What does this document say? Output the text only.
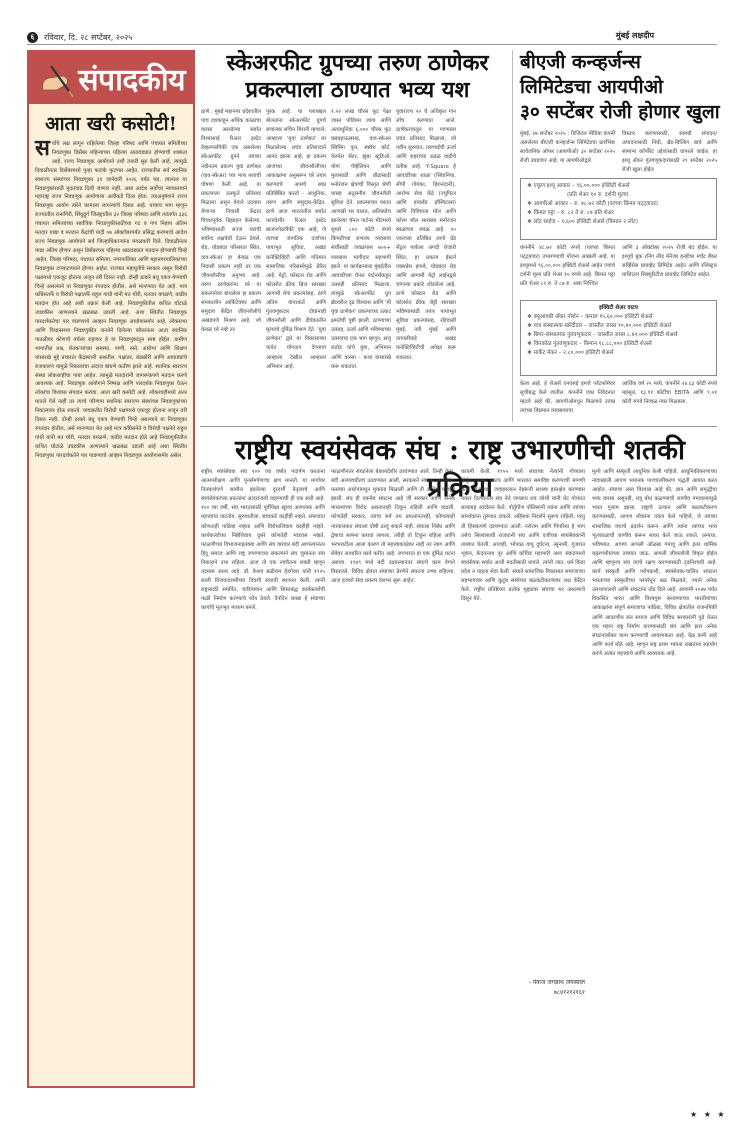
६	रविवार, दि. २८ सप्टेंबर, २०२५	मुंबई लक्षदीप
संपादकीय
आता खरी कसोटी!
सर्वाचे लक्ष लागून राहिलेल्या जिल्हा परिषद आणि पंचायत समितीच्या निवडणुका डिसेंबर महिन्याच्या पहिल्या आठवड्यात होण्याची शक्यता आहे. राज्य निवडणूक आयोगाने तशी तयारी सुरु केली आहे. त्यामुळे दिवाळीनंतर डिसेंबरमध्ये पुन्हा फटाके फुटणार आहेत. राज्यातील सर्व स्थानिक स्वराज्य संस्थांच्या निवडणुका ३१ जानेवारी २०२६ पर्यंत घ्या, त्यानंतर या निवडणुकांसाठी मुदतवाढ दिली जाणार नाही, असा आदेश सर्वोच्च न्यायालयाने महाराष्ट्र राज्य निवडणूक आयोगाला अलीकडे दिला होता. त्याअनुषंगाने राज्य निवडणूक आयोग त्वरेने कामाला लागल्याचे दिसत आहे. याचाच भाग म्हणून राज्यातील रत्नागिरी, सिंधुदुर्ग जिल्ह्यातील ३२ जिल्हा परिषदा आणि त्यांतर्गत ३३६ पंचायत समित्यांच्या सार्वत्रिक निवडणुकीसाठीच्या गट व गण निहाय अंतिम मतदार याद्या व मतदान केंद्रांची यादी ०७ ऑक्टोबरपर्यंत प्रसिद्ध करण्याचे आदेश राज्य निवडणूक आयोगाने सर्व जिल्हाधिकाऱ्यांना मंगळवारी दिले. दिवाळीनंतर याद्या अंतिम होणार असून डिसेंबरच्या पहिल्या आठवड्यात मतदान होण्याची चिन्हे आहेत. जिल्हा परिषदा, पंचायत समित्या, नगरपालिका आणि महानगरपालिकांच्या निवडणुका टप्प्याटप्प्याने होणार आहेत. राज्यात महायुतीचे सरकार असून विरोधी पक्षांमध्ये एकजूट होताना अजून तरी दिसत नाही. दोन्ही ठाकरे बंधू एकत्र येण्याची चिन्हे असल्याने या निवडणुका रंगतदार होतील, असे मानण्यात येत आहे. मात्र काँग्रेसतर्फे व विरोधी पक्षातर्फे राहुल गांधी यांनी मत चोरी, मतदार वगळणे, वाढीव मतदान होत आहे अशी तक्रार केली आहे. निवडणुकीतील कथित घोटाळे उघडकीस आणल्याने खळबळ उडाली आहे. अशा स्थितीत निवडणूक पारदर्शकतेचा पार पाडण्याचे आव्हान निवडणूक आयोगासमोर आहे. लोकसभा आणि विधानसभा निवडणुकीत जनतेने दिलेल्या कौलानंतर आता स्थानिक पातळीवर कोणाचे वर्चस्व राहणार हे या निवडणुकांतून स्पष्ट होईल. ग्रामीण भागातील प्रश्न, शेतकऱ्यांच्या समस्या, पाणी, रस्ते, आरोग्य आणि शिक्षण यांसारखे मुद्दे प्रचारात केंद्रस्थानी असतील. पक्षांतर, बंडखोरी आणि आघाड्यांचे राजकारण यामुळे निकालाचा अंदाज बांधणे कठीण झाले आहे. स्थानिक स्वराज्य संस्था लोकशाहीचा पाया आहेत. त्यामुळे मतदारांनी जागरूकपणे मतदान करणे आवश्यक आहे. निवडणूक आयोगाने निष्पक्ष आणि पारदर्शक निवडणुका घेऊन लोकांचा विश्वास संपादन करावा. आता खरी कसोटी आहे. लोकशाहीमध्ये अंतर घातले गेले नाही तर त्याचे परिणाम स्थानिक स्वराज्य संस्थांच्या निवडणुकांच्या निकालावर होऊ शकतो. यावाबतीत विरोधी पक्षांमध्ये एकजूट होताना अजून तरी दिसत नाही. दोन्ही ठाकरे बंधू एकत्र येण्याची चिन्हे असल्याने या निवडणुका रंगतदार होतील, असे मानण्यात येत आहे मात्र काँग्रेसनेते व विरोधी पक्षनेते राहुल गांधी यांनी मत चोरी, मतदार वगळणे, वाढीव मतदान होते आहे निवडणुकीतील कथित घोटाळे उघडकीस आणल्याने खळबळ उडाली आहे अशा स्थितीत निवडणुका पारदर्शकतेने पार पाडण्याचे आव्हान निवडणूक आयोगासमोर असेल.
स्केअरफीट ग्रुपच्या तरुण ठाणेकर प्रकल्पाला ठाण्यात भव्य यश
ठाणे : मुंबई महानगर प्रदेशातील पाच दशकांहून अधिक काळाचा वारसा असलेल्या सर्वात विश्वासार्ह रिअल इस्टेट डेव्हलपर्सपैकी एक असलेल्या स्केअरफीट ग्रुपने त्यांच्या नवीनतम प्रकल्प युवा ठाणेकर (वाव-स्केअर) च्या भव्य यशाची घोषणा केली आहे. या प्रकल्पाला उत्स्फूर्त प्रतिसाद मिळाला असून वेगाने उदयास येणाऱ्या निवासी केंद्रात विचारपूर्वक डिझाइन केलेल्या, भविष्यासाठी सज्ज घरांची सर्वांना लक्षवेधी देऊन ठेवले. रोड, घोडबंदर परिसरात स्थित, वाव-स्केअर हा केवळ एक निवासी प्रकल्प नाही तर एक जीवनशैलीचा अनुभव आहे. तरुण ठाणेकरांना घरे या संकल्पनेवर बांधलेला हा प्रकल्प समकालीन आर्किटेक्चर आणि समुदाय केंद्रित जीवनशैलीचे अखंडपणे मिश्रण आहे. जो केवळ घरे नव्हे तर
पूरक आहे. या यशाबद्दल बोलताना स्केअरफीट ग्रुपचे संचालक सचिन मिरानी म्हणाले: आम्हाला 'युवा ठाणेकर' ला मिळालेल्या प्रचंड प्रतिसादाने आनंद झाला आहे. हा प्रकल्प आजच्या जीवनशैलीच्या आकांक्षांना अनुसरून घरे तयार करण्याचे आमचे स्वप्न प्रतिबिंबित करतो - आधुनिक, तरुण आणि समुदाय-केंद्रित. ठाणे आज भारतातील सर्वात फायदेशीर रिअल इस्टेट बाजारपेठांपैकी एक आहे, जे त्याच्या जागतिक दर्जाच्या पायाभूत सुविधा, अखंड कनेक्टिव्हिटी आणि गतिमान सामाजिक परिसंस्थेमुळे प्रेरित आहे. मेट्रो, कोस्टल रोड आणि कोलशेत क्रीक ब्रिज सारख्या आगामी मेगा प्रकल्पांसह, ठाणे अंतिम वापरकर्ते आणि गुंतवणूकदार दोघांनाही जीवनशैली आणि दीर्घकालीन मूल्याचे दुर्मिळ मिश्रण देते. 'युवा ठाणेकर' द्वारे या विकासाच्या कथेत योगदान देण्याचा आम्हाला देखील आम्हाला अभिमान आहे.
१.२२ लाख चौरस फूट पेक्षा जास्त पोडियम जागा आणि अत्याधुनिक ६,००० चौरस फूट क्लबहाऊससह, वाव-स्केअर स्विमिंग पूल, स्क्वॅश कोर्ट, वेलनेस सेंटर, झुंबा स्टुडिओ, योगा पॅव्हेलियन आणि मुलांसाठी आणि प्रौढांसाठी मनोरंजन क्षेत्रांची विस्तृत श्रेणी यासह अतुलनीय जीवनशैली सुविधा देते. प्रकल्पाच्या यशात आणखी भर घालत, अलिकडेच झालेल्या चॅनल पार्टनर मीटमध्ये सुमारे ८०० कोटी रुपये किंमतीच्या संभाव्य व्यवसाय संधींसाठी जवळपास ७००+ व्यवसाय भागीदार सहभागी झाले. या कार्यक्रमाला मुंबईतील आघाडीच्या चॅनल पार्टनर्सकडून उत्साही प्रतिसाद मिळाला, त्यामुळे स्केअरफीट ग्रुप ब्रँडवरील दृढ विश्वास आणि 'मी युवा ठाणेकर' प्रकल्पाच्या उत्कट क्षमतेची पुष्टी झाली. ठाण्याच्या उत्साह, ऊर्जा आणि भविष्याच्या उत्सवाचा एक भाग म्हणून, संजू राठोड यांचे युवा, अभिमान आणि वारसा - कथा यासारखे करू शकतात.
युवाराज्य २० चे अधिकृत गान लाँच करण्यात आले. ठाणेकरांकडून या गाण्याला प्रचंड प्रतिसाद मिळाला, जो नवीन सुरुवात, तरुणाईची ऊर्जा आणि शहराच्या अढळ वाढीचे प्रतीक आहे. Y-Square हे आघाडीच्या शाळा (सिंघानिया, सीपी गोयंका, हिरानंदानी), आरोग्य सेवा केंद्रे (ज्युपिटर आणि हायलँड हॉस्पिटल्स) आणि विवियाना मॉल आणि कोरम मॉल सारख्या मनोरंजन स्थळांच्या जवळ आहे. २० एकरच्या प्रतिष्ठित लागो ग्रँड सेंट्रल पार्कला अगदी शेजारी स्थित, हा प्रकल्प ईस्टर्न एक्सप्रेस हायवे, घोडबंदर रोड आणि आगामी मेट्रो लाईनद्वारे चांगल्या प्रकारे जोडलेला आहे. ठाणे कोस्टल रोड आणि कोलशेत क्रीक जेट्टी सारख्या भविष्यासाठी तयार पायाभूत सुविधा प्रकल्पांसह, रहिवासी मुंबई, नवी मुंबई आणि त्यापलीकडे अखंड कनेक्टिव्हिटीची अपेक्षा करू शकतात.
बीएजी कन्व्हर्जन्स
लिमिटेडचा आयपीओ
३० सप्टेंबर रोजी होणार खुला
मुंबई, २७ सप्टेंबर २०२५ : डिजिटल मीडिया कंपनी असलेल्या बीएजी कन्व्हर्जन्स लिमिटेडचा प्रारंभिक सार्वजनिक ऑफर (आयपीओ) ३० सप्टेंबर २०२५ रोजी उघडणार आहे. या आयपीओद्वारे
विस्तार करण्यासाठी, सामग्री संपादन/उत्पादनासाठी निधी, ब्रँड-बिल्डिंग खर्च आणि सामान्य कॉर्पोरेट उद्देशांसाठी वापरले जाईल. हा इश्यू अँकर गुंतवणूकदारांसाठी २९ सप्टेंबर २०२५ रोजी खुला होईल
❖ एकूण इश्यू आकार – ९६,००,००० इक्विटी शेअर्स
(प्रति शेअर १० रु. दर्शनी मूल्य)
❖ आयपीओ आकार – रु. ४८.७२ कोटी (वरच्या किंमत पट्ट्यावर)
❖ किंमत पट्टा – रु. ८२ ते रु. ८७ प्रति शेअर
❖ लॉट साईज – १,६०० इक्विटी शेअर्स (किमान २ लॉट)
कंपनीने ४८.७२ कोटी रुपये (वरच्या किंमत पट्ट्यावर) उभारण्याची योजना आखली आहे. या इश्यूमध्ये ९६,००,००० इक्विटी शेअर्स आहेत ज्यांचे दर्शनी मूल्य प्रति शेअर १० रुपये आहे. किंमत पट्टा प्रति शेअर ८२ रु. ते ८७ रु. असा निश्चित
आणि ३ ऑक्टोबर २०२५ रोजी बंद होईल. या इश्यूचे बुक रनिंग लीड मॅनेजर इन्व्हेंचर मर्चंट बँकर सर्व्हिसेस प्रायव्हेट लिमिटेड आहेत आणि रजिस्ट्रार माशिटला सिक्युरिटीज प्रायव्हेट लिमिटेड आहेत.
इक्विटी शेअर वाटप
❖ क्यूआयबी अँकर पोर्शन – कमाल १५,६०,००० इक्विटी शेअर्स
❖ पात्र संस्थात्मक खरेदीदार – जास्तीत जास्त १०,४०,००० इक्विटी शेअर्स
❖ बिगर-संस्थात्मक गुंतवणूकदार – जास्तीत जास्त ८,४२,००० इक्विटी शेअर्स
❖ किरकोळ गुंतवणूकदार – किमान १८,८८,००० इक्विटी शेअर्स
❖ मार्केट मेकर – २,८०,००० इक्विटी शेअर्स
केला आहे. हे शेअर्स एनएसई इमर्ज प्लॅटफॉर्मवर सूचीबद्ध केले जातील. कंपनीने एका निवेदनात म्हटले आहे की, आयपीओमधून मिळणारे उत्पन्न त्यांच्या विद्यमान व्यवसायाचा
आर्थिक वर्ष २५ मध्ये, कंपनीने २४.६३ कोटी रुपये महसूल, १३.११ कोटींचा EBITA आणि ९.०१ कोटी रुपये निव्वळ नफा मिळवला.
राष्ट्रीय स्वयंसेवक संघ : राष्ट्र उभारणीची शतकी प्रक्रिया
राष्ट्रीय स्वयंसेवक संघ १०० व्या वर्षात पदार्पण करताना आत्मपरीक्षण आणि पुनर्समर्पणाचा क्षण मानतो. या मार्गावर निःस्वार्थपणे सामील झालेल्या दूरदर्शी नेतृत्वाचे आणि स्वयंसेवकांच्या प्रयत्नांना आदरांजली वाहण्याची ही एक संधी आहे. १०० व्या वर्षी, संघ भारतासाठी पूर्वीपेक्षा खूपच आवश्यक आणि महत्त्वाचा वाटतोय. सुरुवातीला, संघाकडे काहीही नव्हते. समाजात कोणताही पाठिंबा नव्हता आणि विरोधाशिवाय काहीही नव्हते. कार्यकर्त्यांच्या निष्ठेशिवाय दुसरे कोणतेही भांडवल नव्हते. फाळणीच्या विभाजनाइतक्या आणि संघ वारंवार बंदी आणल्यानंतर हिंदू समाज आणि राष्ट्र जपण्याच्या संकल्पाने संघ जुमानता संघ निकाराने उभा राहिला. आज तो एक नवचैतन्य शक्ती म्हणून उदयास आला आहे. डॉ. केशव बळीराम हेडगेवार यांनी १९२५ साली विजयादशमीच्या दिवशी संघाची स्थापना केली. त्यांनी राष्ट्रासाठी समर्पित, चारित्र्यवान आणि शिस्तबद्ध कार्यकर्त्यांची फळी निर्माण करण्याचे ध्येय ठेवले. दैनंदिन शाखा हे संघाच्या कार्याचे मूलभूत माध्यम बनले.
फाळणीनंतर संघटनेला बेकायदेशीर ठरवण्यात आले. तिन्ही वेळा, बंदी अल्पावधीतच उठवण्यात आली, सरकारने संघावर लावलेल्या फसव्या आरोपांमधून मुक्तता मिळाली आणि ती अधिक मजबूत झाली. संघ ही एकमेव संघटना आहे जी सरकार आणि अनेक माध्यमांच्या विरोध असतानाही टिकून राहिली आणि वाढली. कोणतेही सरकार, त्यांचा सर्व तम प्रयत्नांनंतरही, कोणत्याही न्यायालयात संघाला दोषी ठरवू शकले नाही. संघाला निर्बंध आणि द्वेषाचा सामना करावा लागला, तरीही तो टिकून राहिला आणि भरभराटीला आला कारण तो महत्त्वाकांक्षेवर नाही तर त्याग आणि सेवेवर आधारित कार्य करीत आहे. जगभरात हा एक दुर्मिळ घटना असावा. १९४९ मध्ये बंदी उठवल्यानंतर संघाचे काम वेगाने विस्तारले. विविध क्षेत्रात संघाच्या प्रेरणेने संघटना उभ्या राहिल्या. आज हजारो सेवा प्रकल्प देशभर सुरू आहेत.
कायमी केली. १९५५ मध्ये संघाच्या नेत्यांनी गोव्याला पोर्तुगालपासून स्वतंत्र आणि भारतात समाविष्ट करण्याची मागणी केली. पंतप्रधान जवाहरलाल नेहरूंनी सशस्त्र हस्तक्षेप करण्यास नकार दिल्यानंतर संघ नेते जगन्नाथ राव जोशी यांनी थेट गोव्यात सत्याग्रह आंदोलन केले. पोर्तुगीज पोलिसांनी त्यांना आणि त्यांच्या समर्थकांना तुरुंगात टाकले. अहिंसक निदर्शने सुरूच राहिली, परंतु ती हिंसकपणे दडपण्यात आली. नरोत्तम आणि पिंपरिया हे भाग तसेच सिल्वासावी राजधानी संघ आणि एजीच्या स्वयंसेवकांनी ताब्यात घेतली. आजही, भोपाळ वायू दुर्घटना, त्सुनामी, गुजरात भूकंप, केदारनाथ पूर आणि कोविड महामारी अशा संकटांमध्ये स्वयंसेवक सर्वात आधी मदतीसाठी धावले. त्यांनी जात, धर्म किंवा प्रदेश न पाहता सेवा केली. संघाने सामाजिक विकासात समाजाच्या सहभागावर आणि कुटुंब संस्थेच्या बळकटीकरणावर लक्ष केंद्रित केले. राष्ट्रीय प्रतिष्ठेच्या प्रत्येक मुद्द्यावर संघाचा भर असल्याचे दिसून येते.
मूल्ये आणि संस्कृती आधुनिक केली पाहिजे. आधुनिकीकरणाच्या नावाखाली आपण भयानक पाश्चात्त्यीकरण पद्धती आयात करत आहोत. संघाचा असा विश्वास आहे की, ज्ञान आणि समृद्धीचा भव्य वारसा असूनही, शत्रू बोध कळण्याची जाणीव गमावल्यामुळे भारत गुलाम झाला. राष्ट्राचे उत्थान आणि बळकटीकरण करण्यासाठी, आपण लोकांना एकत्र केले पाहिजे, जे त्यांच्या सामाजिक वंशाचे प्रदर्शन करून आणि त्यांना त्यांच्या भव्य भूतकाळाची जाणीव करून साध्य केले जाऊ शकते. अन्यथा, भविष्यात, आपण आपली ओळख गमावू आणि इतर धार्मिक कट्टरपंथीयांच्या ताब्यात जाऊ. आपली जीवनशैली विकृत होईल आणि म्हणूनच संघ त्याचे रक्षण करण्यासाठी दृढनिश्चयी आहे. कार्य संस्कृती आणि परोपकारी, स्वयंसेवक-चालित संघटना भारताच्या संस्कृतीच्या परंपरेतून बळ मिळवते, ज्याने अनेक उलथापालथी आणि संकटांना तोंड दिले आहे. आगामी २०४७ पर्यंत विकसित भारत आणि विश्वगुरू बनवण्याच्या भारतीयांच्या आकांक्षांना संपूर्ण समाजाचा पाठिंबा, विविध क्षेत्रातील राजनयिकी आणि आदरणीय संत समाज आणि विविध सरकारांनी पुढे येऊन एक महान राष्ट्र निर्माण करण्यासाठी संघ आणि इतर अनेक संघटनांसोबत काम करण्याची आवश्यकता आहे. वेळ कमी आहे आणि कार्य मोठे आहे, म्हणून राष्ट्र प्रथम भावना राखताना सहयोग करणे अत्यंत महत्त्वाचे आणि आवश्यक आहे.
- पंकज जगन्नाथ जयस्वाल
७८४१२१२१६१
★ ★ ★
